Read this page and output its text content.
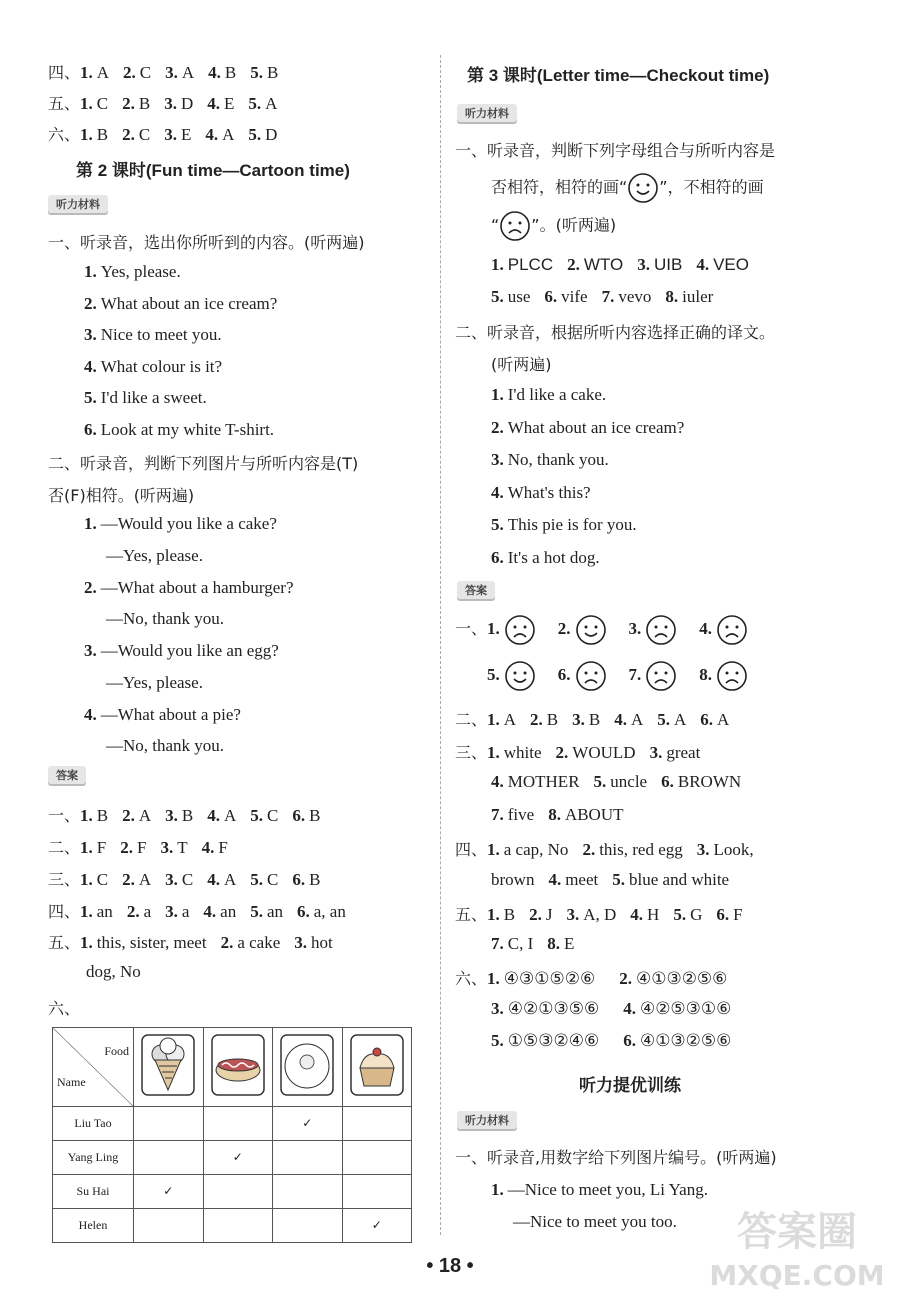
四、1. A 2. C 3. A 4. B 5. B
五、1. C 2. B 3. D 4. E 5. A
六、1. B 2. C 3. E 4. A 5. D
第 2 课时(Fun time—Cartoon time)
听力材料
一、听录音，选出你所听到的内容。(听两遍)
1. Yes, please.
2. What about an ice cream?
3. Nice to meet you.
4. What colour is it?
5. I'd like a sweet.
6. Look at my white T-shirt.
二、听录音，判断下列图片与所听内容是(T)
否(F)相符。(听两遍)
1. —Would you like a cake?
—Yes, please.
2. —What about a hamburger?
—No, thank you.
3. —Would you like an egg?
—Yes, please.
4. —What about a pie?
—No, thank you.
答案
一、1. B 2. A 3. B 4. A 5. C 6. B
二、1. F 2. F 3. T 4. F
三、1. C 2. A 3. C 4. A 5. C 6. B
四、1. an 2. a 3. a 4. an 5. an 6. a, an
五、1. this, sister, meet 2. a cake 3. hot
dog, No
六、
Food
Name

Liu Tao			✓	
Yang Ling		✓		
Su Hai	✓			
Helen				✓
第 3 课时(Letter time—Checkout time)
听力材料
一、听录音，判断下列字母组合与所听内容是
否相符，相符的画“ ”，不相符的画
“ ”。(听两遍)
1. PLCC 2. WTO 3. UIB 4. VEO
5. use 6. vife 7. vevo 8. iuler
二、听录音，根据所听内容选择正确的译文。
(听两遍)
1. I'd like a cake.
2. What about an ice cream?
3. No, thank you.
4. What's this?
5. This pie is for you.
6. It's a hot dog.
答案
一、1.	2.	3.	4.
5.	6.	7.	8.
二、1. A 2. B 3. B 4. A 5. A 6. A
三、1. white 2. WOULD 3. great
4. MOTHER 5. uncle 6. BROWN
7. five 8. ABOUT
四、1. a cap, No 2. this, red egg 3. Look,
brown 4. meet 5. blue and white
五、1. B 2. J 3. A, D 4. H 5. G 6. F
7. C, I 8. E
六、1. ④③①⑤②⑥ 2. ④①③②⑤⑥
3. ④②①③⑤⑥ 4. ④②⑤③①⑥
5. ①⑤③②④⑥ 6. ④①③②⑤⑥
听力提优训练
听力材料
一、听录音,用数字给下列图片编号。(听两遍)
1. —Nice to meet you, Li Yang.
—Nice to meet you too.
• 18 •
答案圈
MXQE.COM
